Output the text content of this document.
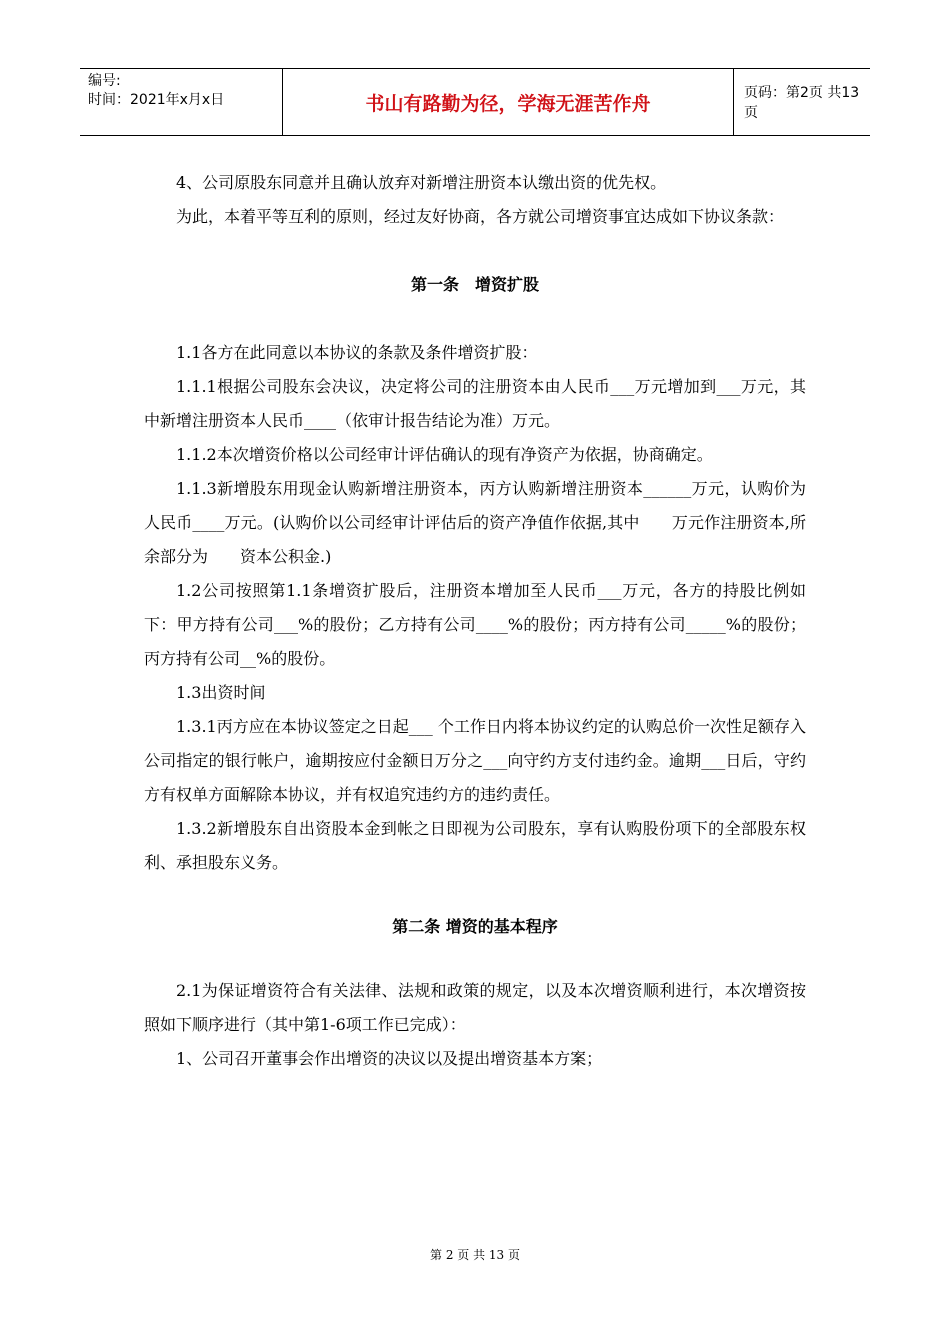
编号:
时间：2021年x月x日	书山有路勤为径，学海无涯苦作舟	页码：第2页 共13页

4、公司原股东同意并且确认放弃对新增注册资本认缴出资的优先权。

为此，本着平等互利的原则，经过友好协商，各方就公司增资事宜达成如下协议条款：

第一条　增资扩股

1.1各方在此同意以本协议的条款及条件增资扩股：

1.1.1根据公司股东会决议，决定将公司的注册资本由人民币___万元增加到___万元，其中新增注册资本人民币____（依审计报告结论为准）万元。

1.1.2本次增资价格以公司经审计评估确认的现有净资产为依据，协商确定。

1.1.3新增股东用现金认购新增注册资本，丙方认购新增注册资本______万元，认购价为人民币____万元。(认购价以公司经审计评估后的资产净值作依据,其中　　万元作注册资本,所余部分为　　资本公积金.)

1.2公司按照第1.1条增资扩股后，注册资本增加至人民币___万元，各方的持股比例如下：甲方持有公司___%的股份；乙方持有公司____%的股份；丙方持有公司_____%的股份；丙方持有公司__%的股份。

1.3出资时间

1.3.1丙方应在本协议签定之日起___ 个工作日内将本协议约定的认购总价一次性足额存入公司指定的银行帐户，逾期按应付金额日万分之___向守约方支付违约金。逾期___日后，守约方有权单方面解除本协议，并有权追究违约方的违约责任。

1.3.2新增股东自出资股本金到帐之日即视为公司股东，享有认购股份项下的全部股东权利、承担股东义务。

第二条 增资的基本程序

2.1为保证增资符合有关法律、法规和政策的规定，以及本次增资顺利进行，本次增资按照如下顺序进行（其中第1-6项工作已完成）：

1、公司召开董事会作出增资的决议以及提出增资基本方案；

第 2 页 共 13 页
